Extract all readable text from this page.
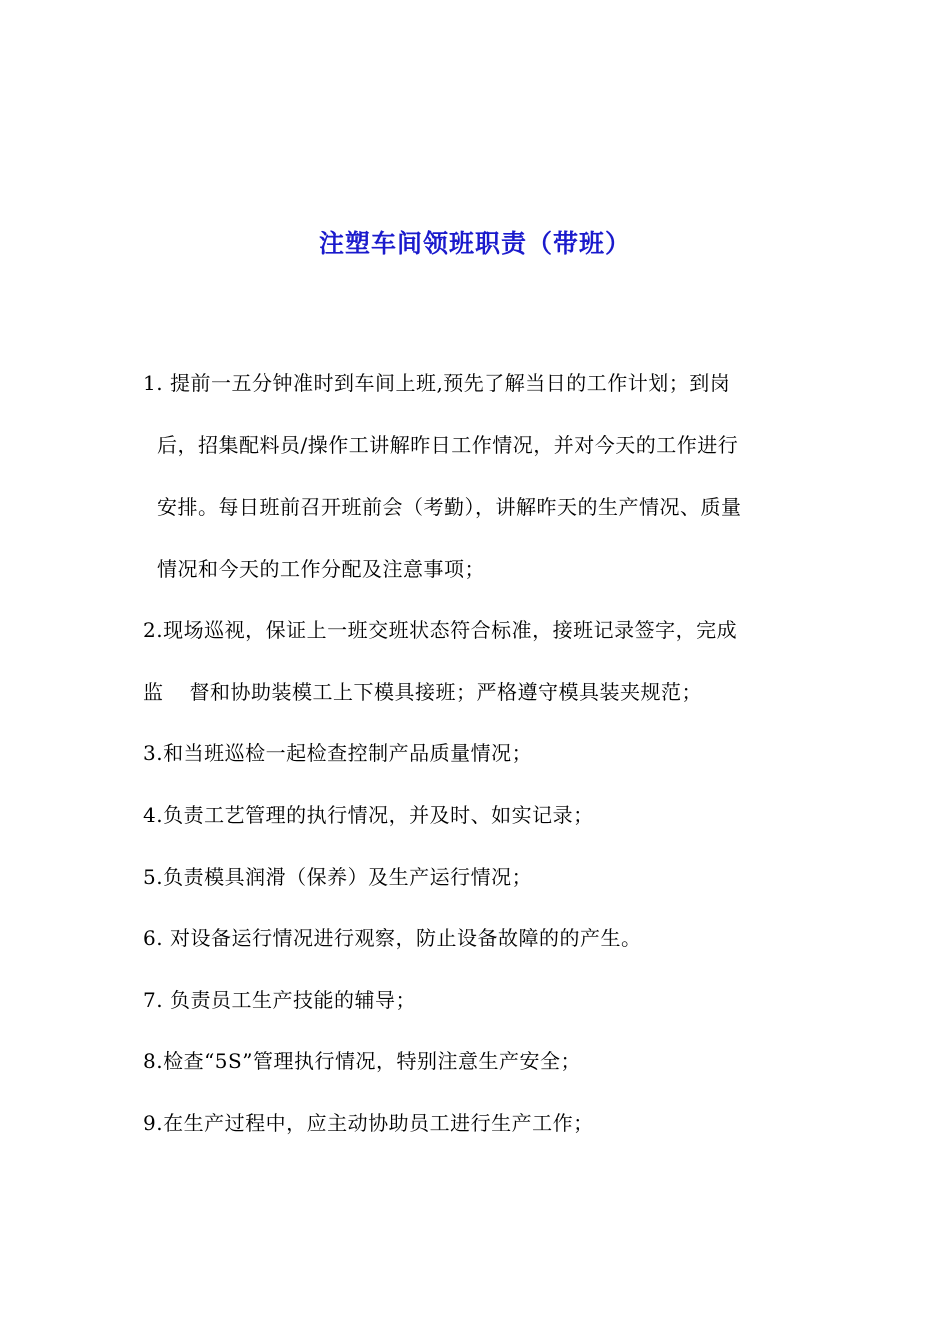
注塑车间领班职责（带班）
1. 提前一五分钟准时到车间上班,预先了解当日的工作计划；到岗
后，招集配料员/操作工讲解昨日工作情况，并对今天的工作进行
安排。每日班前召开班前会（考勤），讲解昨天的生产情况、质量
情况和今天的工作分配及注意事项；
2.现场巡视，保证上一班交班状态符合标准，接班记录签字，完成
监 督和协助装模工上下模具接班；严格遵守模具装夹规范；
3.和当班巡检一起检查控制产品质量情况；
4.负责工艺管理的执行情况，并及时、如实记录；
5.负责模具润滑（保养）及生产运行情况；
6. 对设备运行情况进行观察，防止设备故障的的产生。
7. 负责员工生产技能的辅导；
8.检查“5S”管理执行情况，特别注意生产安全；
9.在生产过程中，应主动协助员工进行生产工作；
